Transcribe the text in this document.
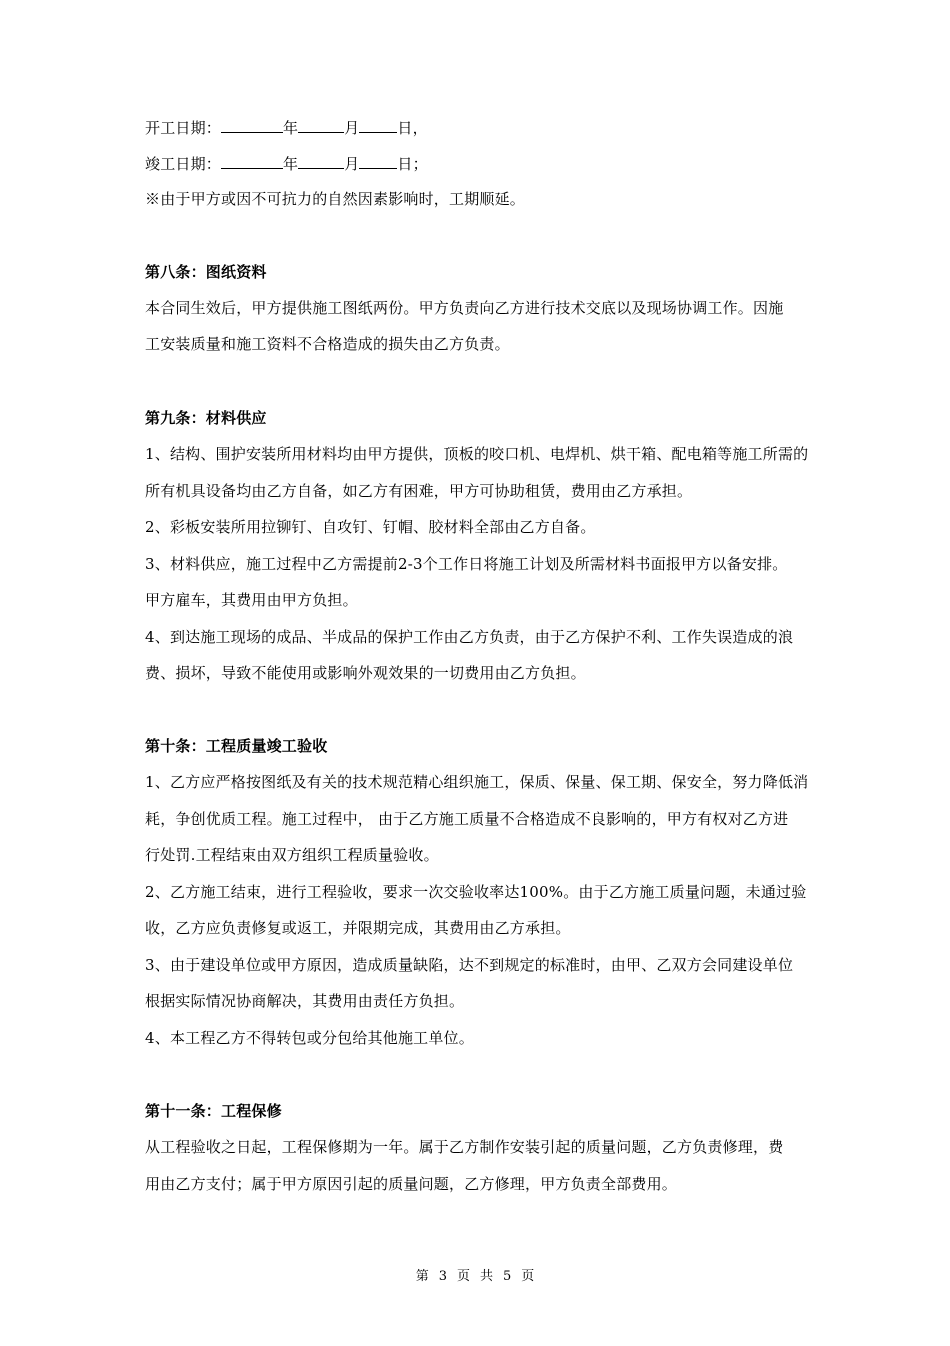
开工日期：	年	月	日，
竣工日期：	年	月	日；
※由于甲方或因不可抗力的自然因素影响时，工期顺延。
第八条：图纸资料
本合同生效后，甲方提供施工图纸两份。甲方负责向乙方进行技术交底以及现场协调工作。因施
工安装质量和施工资料不合格造成的损失由乙方负责。
第九条：材料供应
1、结构、围护安装所用材料均由甲方提供，顶板的咬口机、电焊机、烘干箱、配电箱等施工所需的
所有机具设备均由乙方自备，如乙方有困难，甲方可协助租赁，费用由乙方承担。
2、彩板安装所用拉铆钉、自攻钉、钉帽、胶材料全部由乙方自备。
3、材料供应，施工过程中乙方需提前2-3个工作日将施工计划及所需材料书面报甲方以备安排。
甲方雇车，其费用由甲方负担。
4、到达施工现场的成品、半成品的保护工作由乙方负责，由于乙方保护不利、工作失误造成的浪
费、损坏，导致不能使用或影响外观效果的一切费用由乙方负担。
第十条：工程质量竣工验收
1、乙方应严格按图纸及有关的技术规范精心组织施工，保质、保量、保工期、保安全，努力降低消
耗，争创优质工程。施工过程中， 由于乙方施工质量不合格造成不良影响的，甲方有权对乙方进
行处罚.工程结束由双方组织工程质量验收。
2、乙方施工结束，进行工程验收，要求一次交验收率达100%。由于乙方施工质量问题，未通过验
收，乙方应负责修复或返工，并限期完成，其费用由乙方承担。
3、由于建设单位或甲方原因，造成质量缺陷，达不到规定的标准时，由甲、乙双方会同建设单位
根据实际情况协商解决，其费用由责任方负担。
4、本工程乙方不得转包或分包给其他施工单位。
第十一条：工程保修
从工程验收之日起，工程保修期为一年。属于乙方制作安装引起的质量问题，乙方负责修理，费
用由乙方支付；属于甲方原因引起的质量问题，乙方修理，甲方负责全部费用。
第 3 页 共 5 页
